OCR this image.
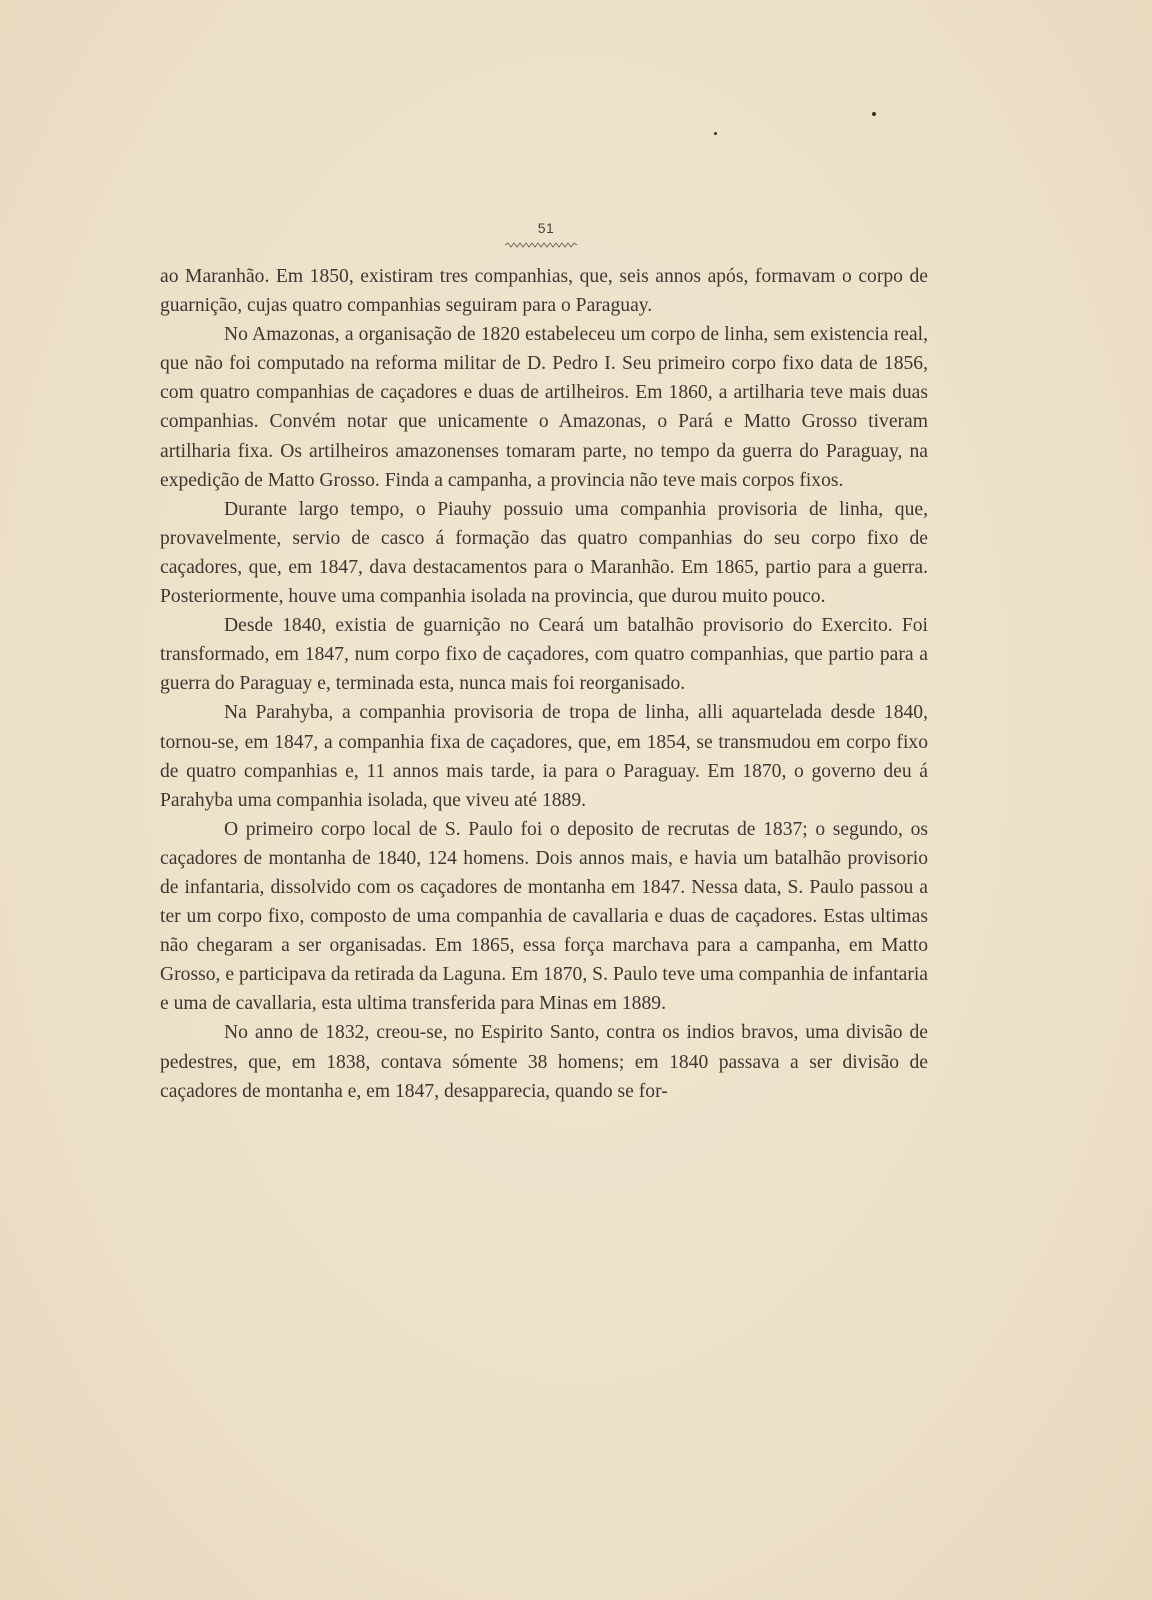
51

ao Maranhão. Em 1850, existiram tres companhias, que, seis annos após, formavam o corpo de guarnição, cujas quatro companhias seguiram para o Paraguay.

No Amazonas, a organisação de 1820 estabeleceu um corpo de linha, sem existencia real, que não foi computado na reforma militar de D. Pedro I. Seu primeiro corpo fixo data de 1856, com quatro companhias de caçadores e duas de artilheiros. Em 1860, a artilharia teve mais duas companhias. Convém notar que unicamente o Amazonas, o Pará e Matto Grosso tiveram artilharia fixa. Os artilheiros amazonenses tomaram parte, no tempo da guerra do Paraguay, na expedição de Matto Grosso. Finda a campanha, a provincia não teve mais corpos fixos.

Durante largo tempo, o Piauhy possuio uma companhia provisoria de linha, que, provavelmente, servio de casco á formação das quatro companhias do seu corpo fixo de caçadores, que, em 1847, dava destacamentos para o Maranhão. Em 1865, partio para a guerra. Posteriormente, houve uma companhia isolada na provincia, que durou muito pouco.

Desde 1840, existia de guarnição no Ceará um batalhão provisorio do Exercito. Foi transformado, em 1847, num corpo fixo de caçadores, com quatro companhias, que partio para a guerra do Paraguay e, terminada esta, nunca mais foi reorganisado.

Na Parahyba, a companhia provisoria de tropa de linha, alli aquartelada desde 1840, tornou-se, em 1847, a companhia fixa de caçadores, que, em 1854, se transmudou em corpo fixo de quatro companhias e, 11 annos mais tarde, ia para o Paraguay. Em 1870, o governo deu á Parahyba uma companhia isolada, que viveu até 1889.

O primeiro corpo local de S. Paulo foi o deposito de recrutas de 1837; o segundo, os caçadores de montanha de 1840, 124 homens. Dois annos mais, e havia um batalhão provisorio de infantaria, dissolvido com os caçadores de montanha em 1847. Nessa data, S. Paulo passou a ter um corpo fixo, composto de uma companhia de cavallaria e duas de caçadores. Estas ultimas não chegaram a ser organisadas. Em 1865, essa força marchava para a campanha, em Matto Grosso, e participava da retirada da Laguna. Em 1870, S. Paulo teve uma companhia de infantaria e uma de cavallaria, esta ultima transferida para Minas em 1889.

No anno de 1832, creou-se, no Espirito Santo, contra os indios bravos, uma divisão de pedestres, que, em 1838, contava sómente 38 homens; em 1840 passava a ser divisão de caçadores de montanha e, em 1847, desapparecia, quando se for-
